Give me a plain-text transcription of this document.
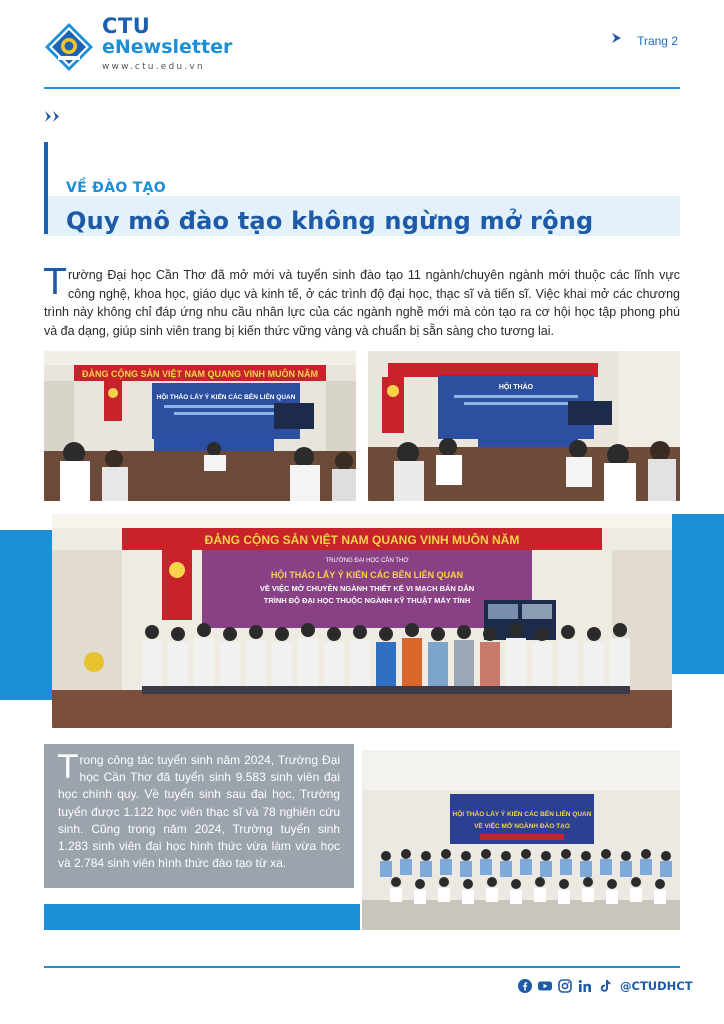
CTU
eNewsletter
www.ctu.edu.vn
Trang 2
VỀ ĐÀO TẠO
Quy mô đào tạo không ngừng mở rộng

Trường Đại học Cần Thơ đã mở mới và tuyển sinh đào tạo 11 ngành/chuyên ngành mới thuộc các lĩnh vực công nghệ, khoa học, giáo dục và kinh tế, ở các trình độ đại học, thạc sĩ và tiến sĩ. Việc khai mở các chương trình này không chỉ đáp ứng nhu cầu nhân lực của các ngành nghề mới mà còn tạo ra cơ hội học tập phong phú và đa dạng, giúp sinh viên trang bị kiến thức vững vàng và chuẩn bị sẵn sàng cho tương lai.

ĐẢNG CỘNG SẢN VIỆT NAM QUANG VINH MUÔN NĂM
HỘI THẢO LẤY Ý KIẾN CÁC BÊN LIÊN QUAN
HỘI THẢO
ĐẢNG CỘNG SẢN VIỆT NAM QUANG VINH MUÔN NĂM
TRƯỜNG ĐẠI HỌC CẦN THƠ
HỘI THẢO LẤY Ý KIẾN CÁC BÊN LIÊN QUAN
VỀ VIỆC MỞ CHUYÊN NGÀNH THIẾT KẾ VI MẠCH BÁN DẪN
TRÌNH ĐỘ ĐẠI HỌC THUỘC NGÀNH KỸ THUẬT MÁY TÍNH

Trong công tác tuyển sinh năm 2024, Trường Đại học Cần Thơ đã tuyển sinh 9.583 sinh viên đại học chính quy. Về tuyển sinh sau đại học, Trường tuyển được 1.122 học viên thạc sĩ và 78 nghiên cứu sinh. Cũng trong năm 2024, Trường tuyển sinh 1.283 sinh viên đại học hình thức vừa làm vừa học và 2.784 sinh viên hình thức đào tạo từ xa.

HỘI THẢO LẤY Ý KIẾN CÁC BÊN LIÊN QUAN
VỀ VIỆC MỞ NGÀNH ĐÀO TẠO
@CTUDHCT
